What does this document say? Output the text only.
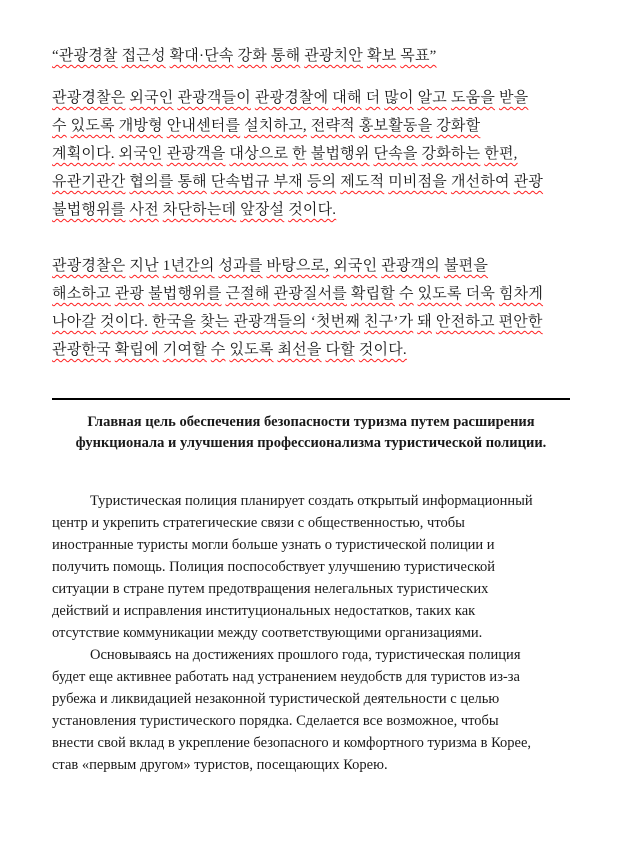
“관광경찰 접근성 확대·단속 강화 통해 관광치안 확보 목표”

관광경찰은 외국인 관광객들이 관광경찰에 대해 더 많이 알고 도움을 받을
수 있도록 개방형 안내센터를 설치하고, 전략적 홍보활동을 강화할
계획이다. 외국인 관광객을 대상으로 한 불법행위 단속을 강화하는 한편,
유관기관간 협의를 통해 단속법규 부재 등의 제도적 미비점을 개선하여 관광
불법행위를 사전 차단하는데 앞장설 것이다.
관광경찰은 지난 1년간의 성과를 바탕으로, 외국인 관광객의 불편을
해소하고 관광 불법행위를 근절해 관광질서를 확립할 수 있도록 더욱 힘차게
나아갈 것이다. 한국을 찾는 관광객들의 ‘첫번째 친구’가 돼 안전하고 편안한
관광한국 확립에 기여할 수 있도록 최선을 다할 것이다.
Главная цель обеспечения безопасности туризма путем расширения
функционала и улучшения профессионализма туристической полиции.
Туристическая полиция планирует создать открытый информационный
центр и укрепить стратегические связи с общественностью, чтобы
иностранные туристы могли больше узнать о туристической полиции и
получить помощь. Полиция поспособствует улучшению туристической
ситуации в стране путем предотвращения нелегальных туристических
действий и исправления институциональных недостатков, таких как
отсутствие коммуникации между соответствующими организациями.
Основываясь на достижениях прошлого года, туристическая полиция
будет еще активнее работать над устранением неудобств для туристов из-за
рубежа и ликвидацией незаконной туристической деятельности с целью
установления туристического порядка. Сделается все возможное, чтобы
внести свой вклад в укрепление безопасного и комфортного туризма в Корее,
став «первым другом» туристов, посещающих Корею.
